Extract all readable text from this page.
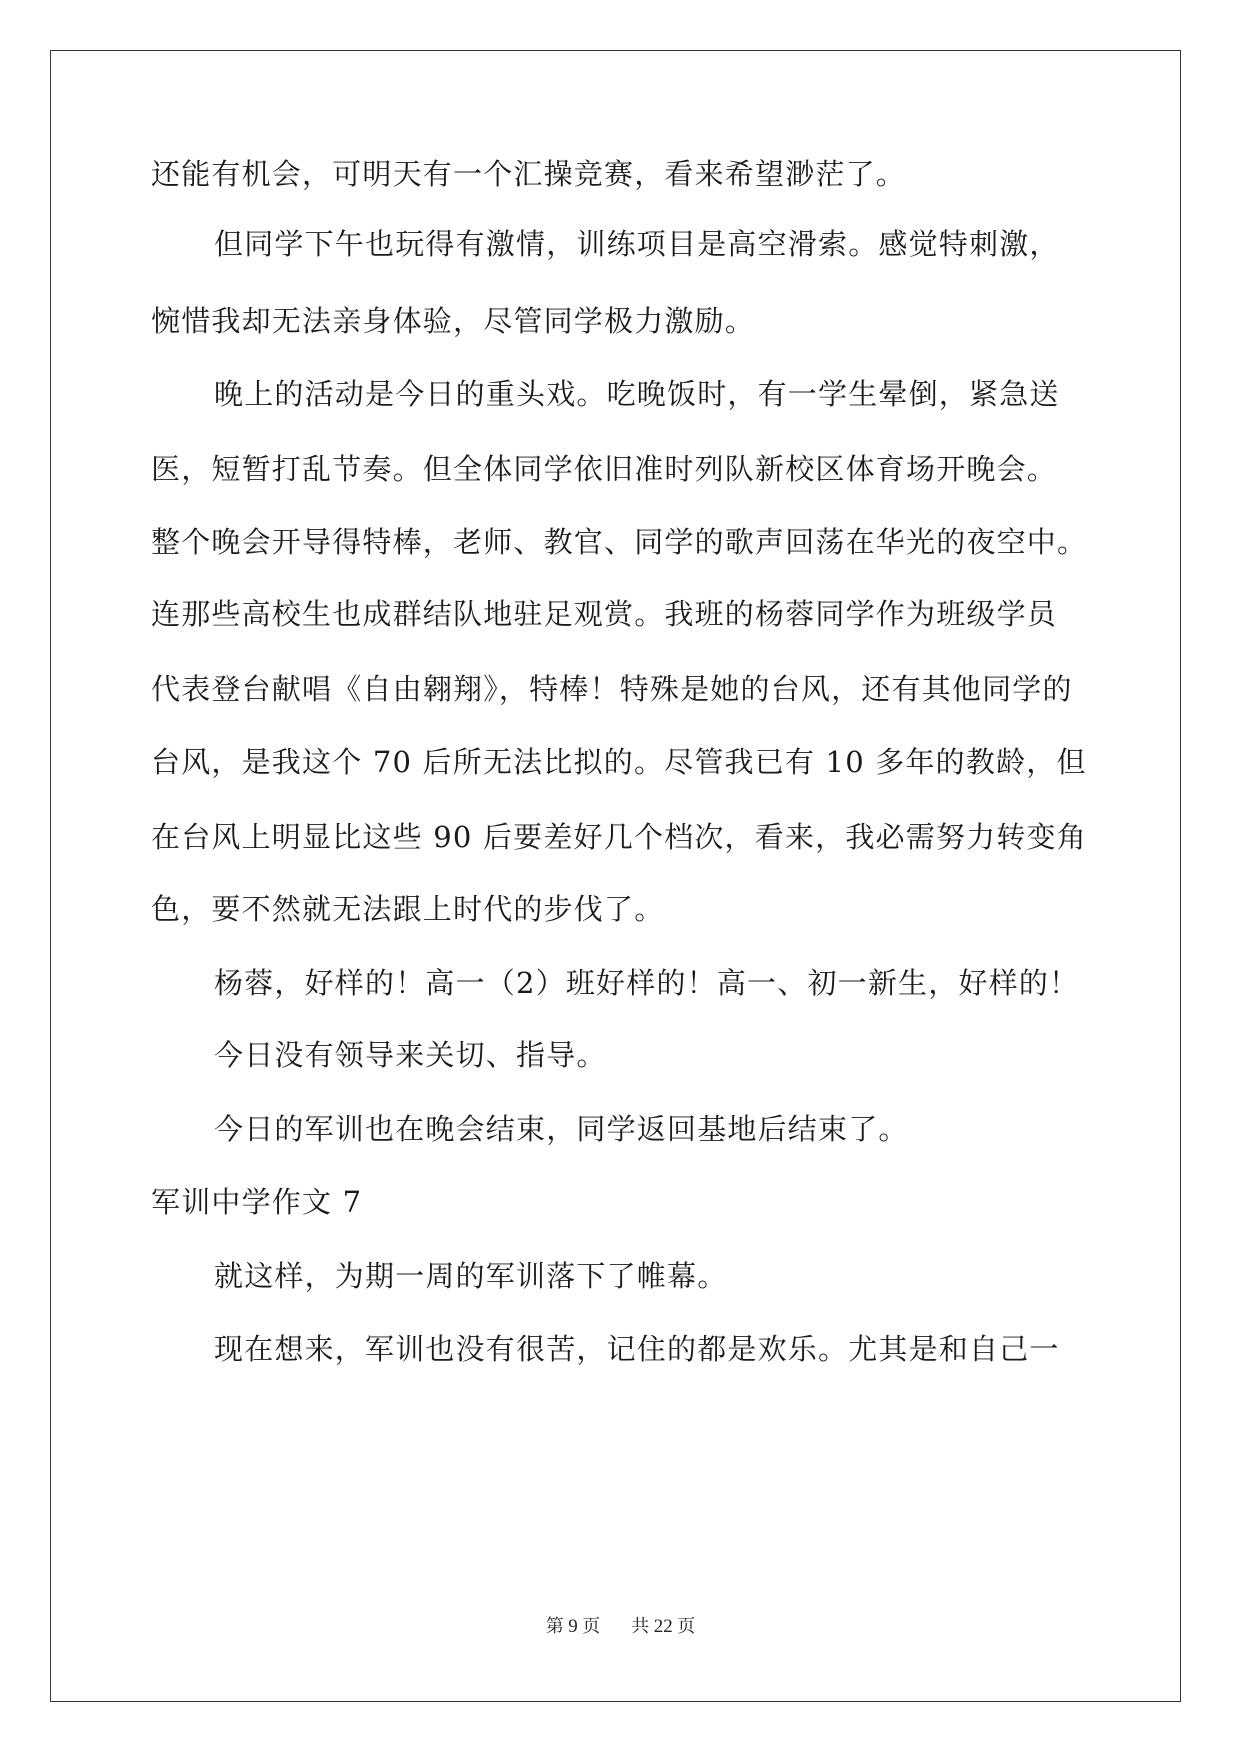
还能有机会，可明天有一个汇操竞赛，看来希望渺茫了。
但同学下午也玩得有激情，训练项目是高空滑索。感觉特刺激，
惋惜我却无法亲身体验，尽管同学极力激励。
晚上的活动是今日的重头戏。吃晚饭时，有一学生晕倒，紧急送
医，短暂打乱节奏。但全体同学依旧准时列队新校区体育场开晚会。
整个晚会开导得特棒，老师、教官、同学的歌声回荡在华光的夜空中。
连那些高校生也成群结队地驻足观赏。我班的杨蓉同学作为班级学员
代表登台献唱《自由翱翔》，特棒！特殊是她的台风，还有其他同学的
台风，是我这个 70 后所无法比拟的。尽管我已有 10 多年的教龄，但
在台风上明显比这些 90 后要差好几个档次，看来，我必需努力转变角
色，要不然就无法跟上时代的步伐了。
杨蓉，好样的！高一（2）班好样的！高一、初一新生，好样的！
今日没有领导来关切、指导。
今日的军训也在晚会结束，同学返回基地后结束了。
军训中学作文 7
就这样，为期一周的军训落下了帷幕。
现在想来，军训也没有很苦，记住的都是欢乐。尤其是和自己一
第 9 页 共 22 页
